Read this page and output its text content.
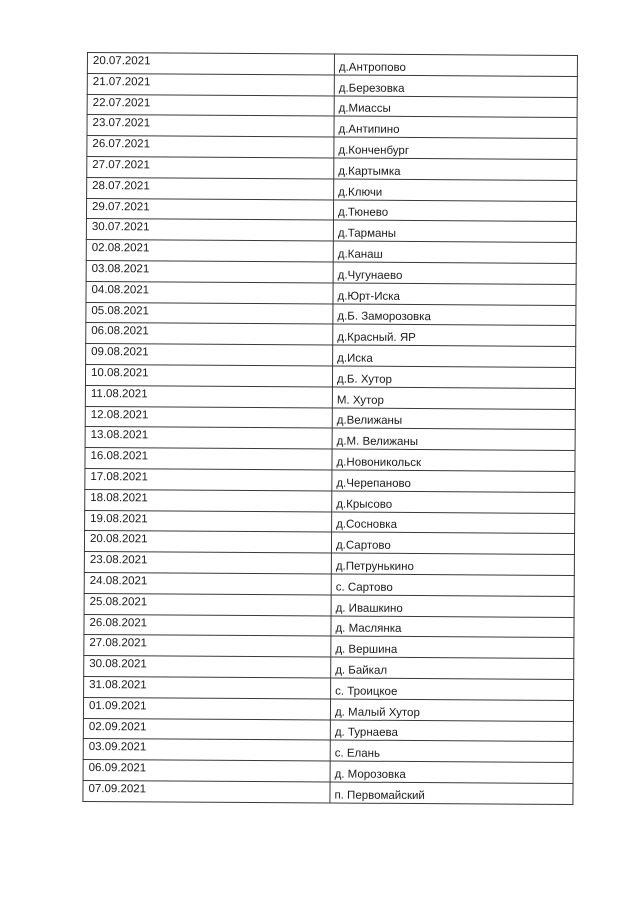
20.07.2021	д.Антропово
21.07.2021	д.Березовка
22.07.2021	д.Миассы
23.07.2021	д.Антипино
26.07.2021	д.Конченбург
27.07.2021	д.Картымка
28.07.2021	д.Ключи
29.07.2021	д.Тюнево
30.07.2021	д.Тарманы
02.08.2021	д.Канаш
03.08.2021	д.Чугунаево
04.08.2021	д.Юрт-Иска
05.08.2021	д.Б. Заморозовка
06.08.2021	д.Красный. ЯР
09.08.2021	д.Иска
10.08.2021	д.Б. Хутор
11.08.2021	М. Хутор
12.08.2021	д.Велижаны
13.08.2021	д.М. Велижаны
16.08.2021	д.Новоникольск
17.08.2021	д.Черепаново
18.08.2021	д.Крысово
19.08.2021	д.Сосновка
20.08.2021	д.Сартово
23.08.2021	д.Петрунькино
24.08.2021	с. Сартово
25.08.2021	д. Ивашкино
26.08.2021	д. Маслянка
27.08.2021	д. Вершина
30.08.2021	д. Байкал
31.08.2021	с. Троицкое
01.09.2021	д. Малый Хутор
02.09.2021	д. Турнаева
03.09.2021	с. Елань
06.09.2021	д. Морозовка
07.09.2021	п. Первомайский
